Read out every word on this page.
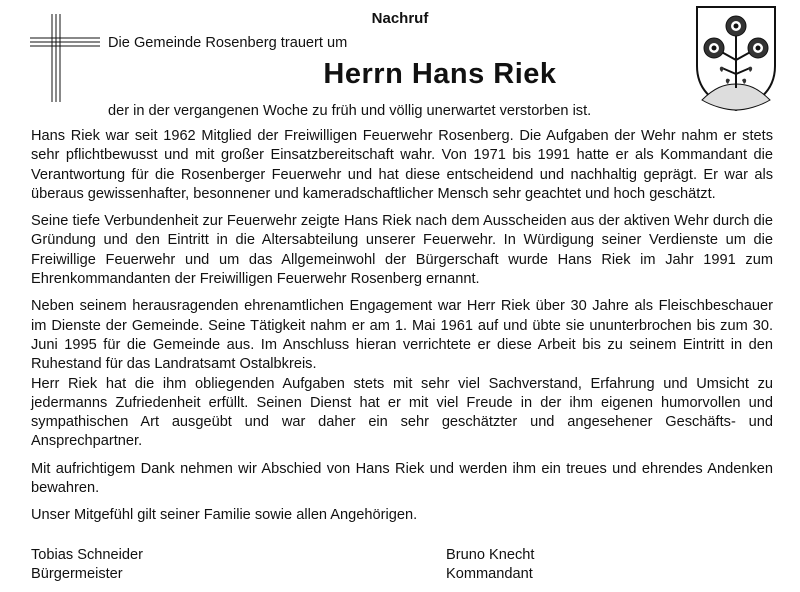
Nachruf
Die Gemeinde Rosenberg trauert um
Herrn Hans Riek
der in der vergangenen Woche zu früh und völlig unerwartet verstorben ist.

Hans Riek war seit 1962 Mitglied der Freiwilligen Feuerwehr Rosenberg. Die Aufgaben der Wehr nahm er stets sehr pflichtbewusst und mit großer Einsatzbereitschaft wahr. Von 1971 bis 1991 hatte er als Kommandant die Verantwortung für die Rosenberger Feuerwehr und hat diese entscheidend und nachhaltig geprägt. Er war als überaus gewissenhafter, besonnener und kameradschaftlicher Mensch sehr geachtet und hoch geschätzt.

Seine tiefe Verbundenheit zur Feuerwehr zeigte Hans Riek nach dem Ausscheiden aus der aktiven Wehr durch die Gründung und den Eintritt in die Altersabteilung unserer Feuerwehr. In Würdigung seiner Verdienste um die Freiwillige Feuerwehr und um das Allgemeinwohl der Bürgerschaft wurde Hans Riek im Jahr 1991 zum Ehrenkommandanten der Freiwilligen Feuerwehr Rosenberg ernannt.

Neben seinem herausragenden ehrenamtlichen Engagement war Herr Riek über 30 Jahre als Fleischbeschauer im Dienste der Gemeinde. Seine Tätigkeit nahm er am 1. Mai 1961 auf und übte sie ununterbrochen bis zum 30. Juni 1995 für die Gemeinde aus. Im Anschluss hieran verrichtete er diese Arbeit bis zu seinem Eintritt in den Ruhestand für das Landratsamt Ostalbkreis.

Herr Riek hat die ihm obliegenden Aufgaben stets mit sehr viel Sachverstand, Erfahrung und Umsicht zu jedermanns Zufriedenheit erfüllt. Seinen Dienst hat er mit viel Freude in der ihm eigenen humorvollen und sympathischen Art ausgeübt und war daher ein sehr geschätzter und angesehener Geschäfts- und Ansprechpartner.

Mit aufrichtigem Dank nehmen wir Abschied von Hans Riek und werden ihm ein treues und ehrendes Andenken bewahren.

Unser Mitgefühl gilt seiner Familie sowie allen Angehörigen.

Tobias Schneider
Bürgermeister
Bruno Knecht
Kommandant
